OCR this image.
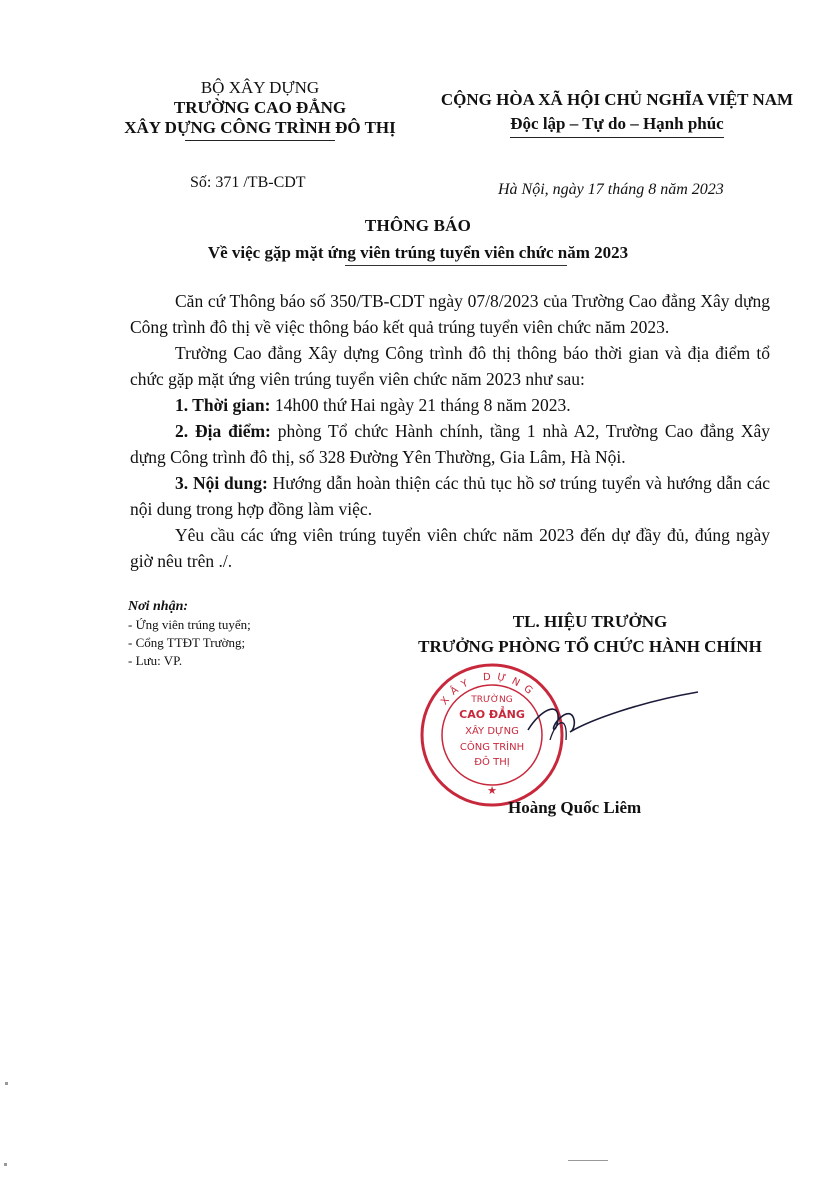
BỘ XÂY DỰNG
TRƯỜNG CAO ĐẲNG
XÂY DỰNG CÔNG TRÌNH ĐÔ THỊ
CỘNG HÒA XÃ HỘI CHỦ NGHĨA VIỆT NAM
Độc lập – Tự do – Hạnh phúc
Số: 371 /TB-CDT	Hà Nội, ngày 17 tháng 8 năm 2023
THÔNG BÁO
Về việc gặp mặt ứng viên trúng tuyển viên chức năm 2023

Căn cứ Thông báo số 350/TB-CDT ngày 07/8/2023 của Trường Cao đẳng Xây dựng Công trình đô thị về việc thông báo kết quả trúng tuyển viên chức năm 2023.

Trường Cao đẳng Xây dựng Công trình đô thị thông báo thời gian và địa điểm tổ chức gặp mặt ứng viên trúng tuyển viên chức năm 2023 như sau:

1. Thời gian: 14h00 thứ Hai ngày 21 tháng 8 năm 2023.

2. Địa điểm: phòng Tổ chức Hành chính, tầng 1 nhà A2, Trường Cao đẳng Xây dựng Công trình đô thị, số 328 Đường Yên Thường, Gia Lâm, Hà Nội.

3. Nội dung: Hướng dẫn hoàn thiện các thủ tục hồ sơ trúng tuyển và hướng dẫn các nội dung trong hợp đồng làm việc.

Yêu cầu các ứng viên trúng tuyển viên chức năm 2023 đến dự đầy đủ, đúng ngày giờ nêu trên ./.

Nơi nhận:
- Ứng viên trúng tuyển;
- Cổng TTĐT Trường;
- Lưu: VP.
TL. HIỆU TRƯỞNG
TRƯỞNG PHÒNG TỔ CHỨC HÀNH CHÍNH
XÂY DỰNG
TRƯỜNG
CAO ĐẲNG
XÂY DỰNG
CÔNG TRÌNH
ĐÔ THỊ
★
Hoàng Quốc Liêm
